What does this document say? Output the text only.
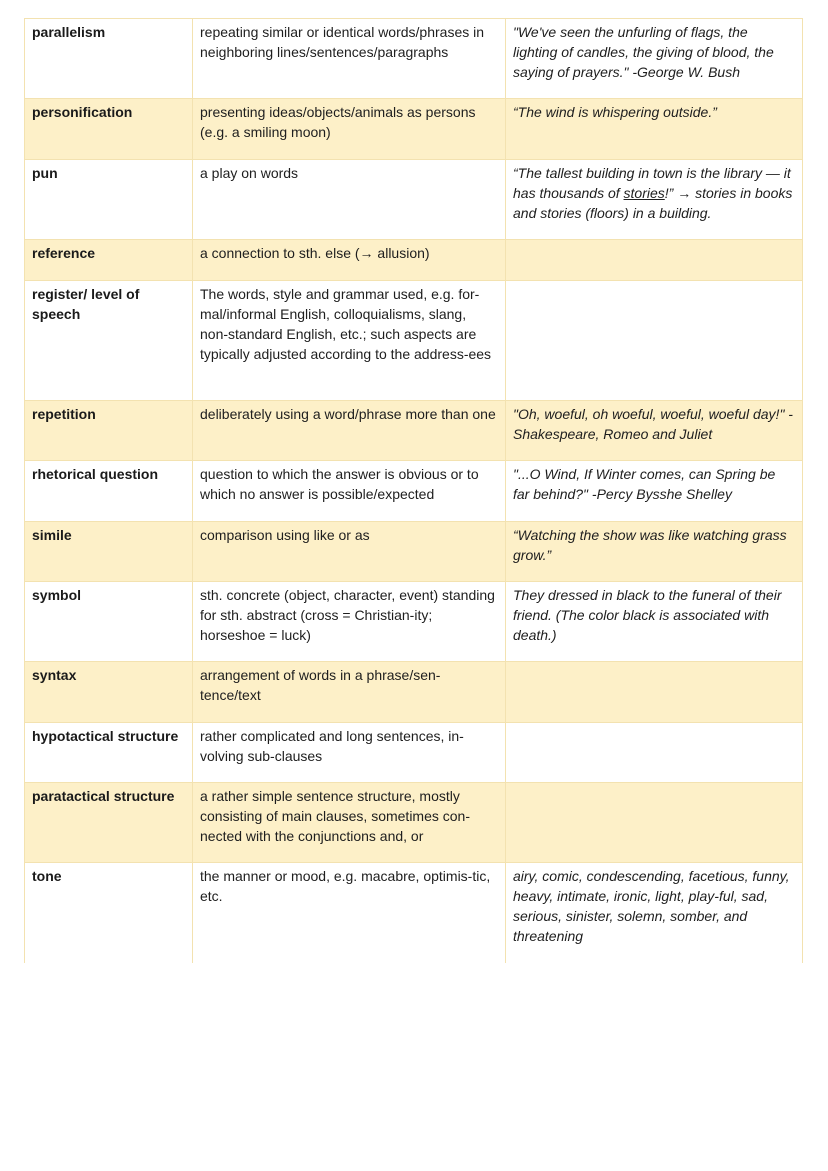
parallelism	repeating similar or identical words/phrases in neighboring lines/sentences/paragraphs	"We've seen the unfurling of flags, the lighting of candles, the giving of blood, the saying of prayers." -George W. Bush
personification	presenting ideas/objects/animals as persons (e.g. a smiling moon)	“The wind is whispering outside.”
pun	a play on words	“The tallest building in town is the library — it has thousands of stories!” → stories in books and stories (floors) in a building.
reference	a connection to sth. else (→ allusion)	
register/ level of speech	The words, style and grammar used, e.g. for-mal/informal English, colloquialisms, slang, non-standard English, etc.; such aspects are typically adjusted according to the address-ees	
repetition	deliberately using a word/phrase more than one	"Oh, woeful, oh woeful, woeful, woeful day!" - Shakespeare, Romeo and Juliet
rhetorical question	question to which the answer is obvious or to which no answer is possible/expected	"...O Wind, If Winter comes, can Spring be far behind?" -Percy Bysshe Shelley
simile	comparison using like or as	“Watching the show was like watching grass grow.”
symbol	sth. concrete (object, character, event) standing for sth. abstract (cross = Christian-ity; horseshoe = luck)	They dressed in black to the funeral of their friend. (The color black is associated with death.)
syntax	arrangement of words in a phrase/sen-tence/text	
hypotactical structure	rather complicated and long sentences, in-volving sub-clauses	
paratactical structure	a rather simple sentence structure, mostly consisting of main clauses, sometimes con-nected with the conjunctions and, or	
tone	the manner or mood, e.g. macabre, optimis-tic, etc.	airy, comic, condescending, facetious, funny, heavy, intimate, ironic, light, play-ful, sad, serious, sinister, solemn, somber, and threatening
